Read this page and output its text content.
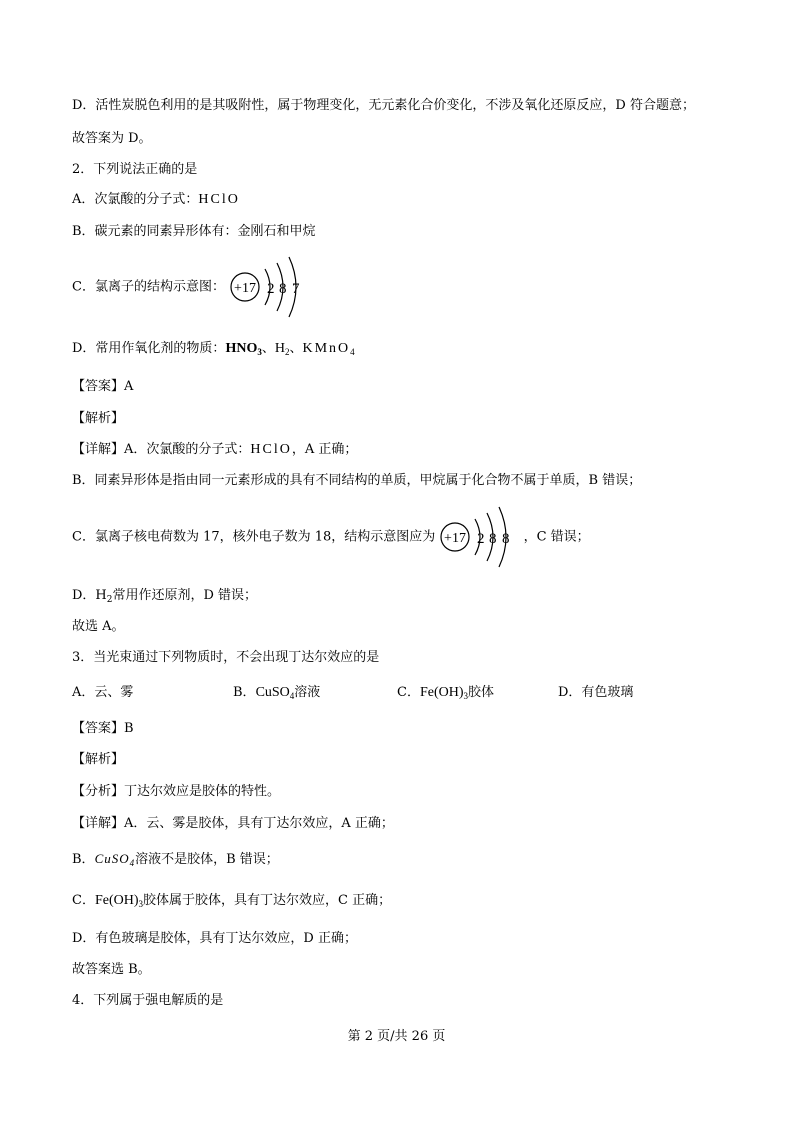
D．活性炭脱色利用的是其吸附性，属于物理变化，无元素化合价变化，不涉及氧化还原反应，D 符合题意；
故答案为 D。
2．下列说法正确的是
A．次氯酸的分子式：HClO
B．碳元素的同素异形体有：金刚石和甲烷
C．氯离子的结构示意图： +17 2 8 7
D．常用作氧化剂的物质：$HNO_3$、$H_2$、KMnO$_4$
【答案】A
【解析】
【详解】A．次氯酸的分子式：HClO，A 正确；
B．同素异形体是指由同一元素形成的具有不同结构的单质，甲烷属于化合物不属于单质，B 错误；
C．氯离子核电荷数为 17，核外电子数为 18，结构示意图应为 +17 2 8 8 ，C 错误；
D．$H_2$常用作还原剂，D 错误；
故选 A。
3．当光束通过下列物质时，不会出现丁达尔效应的是
A．云、雾	B．CuSO$_4$溶液	C．$Fe(OH)_3$胶体	D．有色玻璃
【答案】B
【解析】
【分析】丁达尔效应是胶体的特性。
【详解】A．云、雾是胶体，具有丁达尔效应，A 正确；
B．CuSO$_4$溶液不是胶体，B 错误；
C．$Fe(OH)_3$胶体属于胶体，具有丁达尔效应，C 正确；
D．有色玻璃是胶体，具有丁达尔效应，D 正确；
故答案选 B。
4．下列属于强电解质的是
第 2 页/共 26 页
